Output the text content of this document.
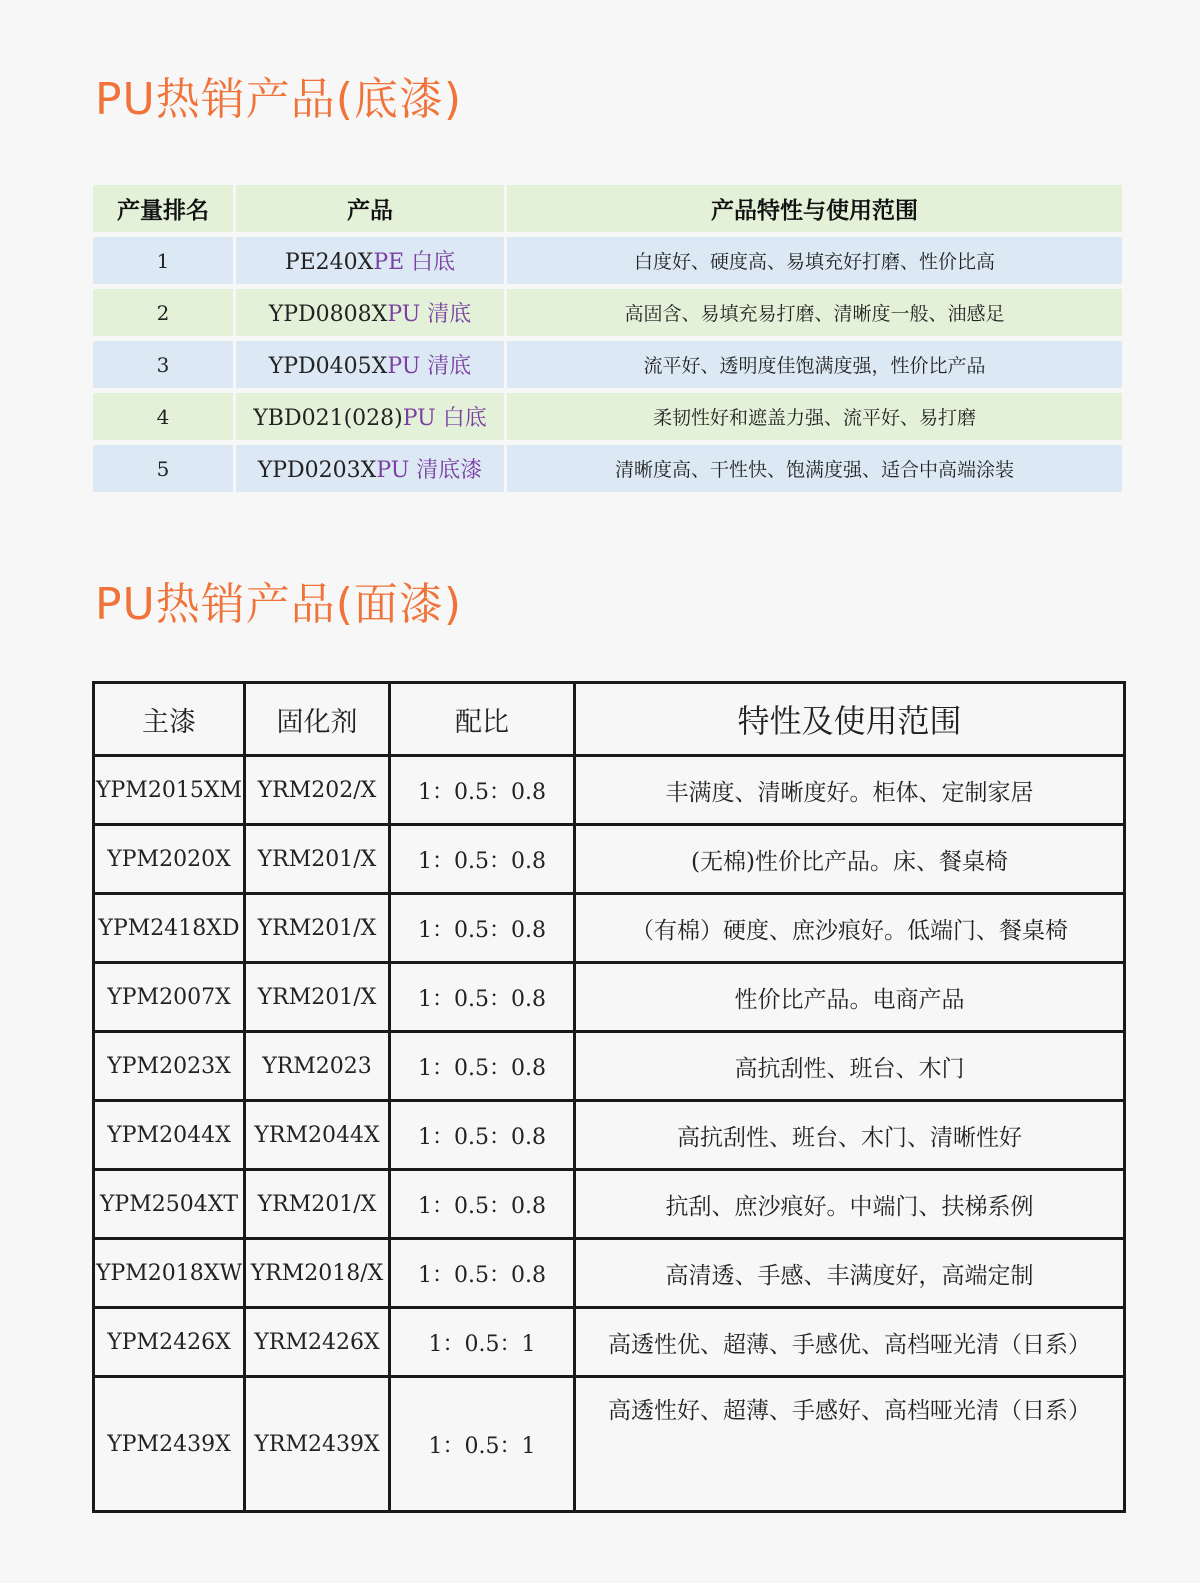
PU热销产品(底漆)
产量排名	产品	产品特性与使用范围
1	PE240XPE 白底	白度好、硬度高、易填充好打磨、性价比高
2	YPD0808XPU 清底	高固含、易填充易打磨、清晰度一般、油感足
3	YPD0405XPU 清底	流平好、透明度佳饱满度强，性价比产品
4	YBD021(028)PU 白底	柔韧性好和遮盖力强、流平好、易打磨
5	YPD0203XPU 清底漆	清晰度高、干性快、饱满度强、适合中高端涂装
PU热销产品(面漆)
主漆	固化剂	配比	特性及使用范围
YPM2015XM	YRM202/X	1：0.5：0.8	丰满度、清晰度好。柜体、定制家居
YPM2020X	YRM201/X	1：0.5：0.8	(无棉)性价比产品。床、餐桌椅
YPM2418XD	YRM201/X	1：0.5：0.8	（有棉）硬度、庶沙痕好。低端门、餐桌椅
YPM2007X	YRM201/X	1：0.5：0.8	性价比产品。电商产品
YPM2023X	YRM2023	1：0.5：0.8	高抗刮性、班台、木门
YPM2044X	YRM2044X	1：0.5：0.8	高抗刮性、班台、木门、清晰性好
YPM2504XT	YRM201/X	1：0.5：0.8	抗刮、庶沙痕好。中端门、扶梯系例
YPM2018XW	YRM2018/X	1：0.5：0.8	高清透、手感、丰满度好，高端定制
YPM2426X	YRM2426X	1：0.5：1	高透性优、超薄、手感优、高档哑光清（日系）
YPM2439X	YRM2439X	1：0.5：1	高透性好、超薄、手感好、高档哑光清（日系）
